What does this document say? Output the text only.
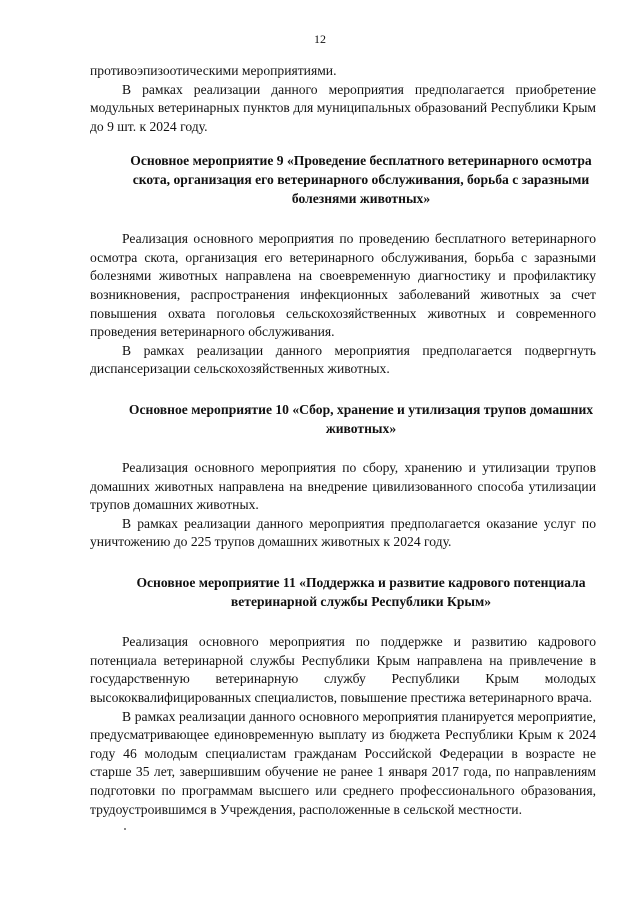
12

противоэпизоотическими мероприятиями.

В рамках реализации данного мероприятия предполагается приобретение модульных ветеринарных пунктов для муниципальных образований Республики Крым до 9 шт. к 2024 году.

Основное мероприятие 9 «Проведение бесплатного ветеринарного осмотра скота, организация его ветеринарного обслуживания, борьба с заразными болезнями животных»

Реализация основного мероприятия по проведению бесплатного ветеринарного осмотра скота, организация его ветеринарного обслуживания, борьба с заразными болезнями животных направлена на своевременную диагностику и профилактику возникновения, распространения инфекционных заболеваний животных за счет повышения охвата поголовья сельскохозяйственных животных и современного проведения ветеринарного обслуживания.

В рамках реализации данного мероприятия предполагается подвергнуть диспансеризации сельскохозяйственных животных.

Основное мероприятие 10 «Сбор, хранение и утилизация трупов домашних животных»

Реализация основного мероприятия по сбору, хранению и утилизации трупов домашних животных направлена на внедрение цивилизованного способа утилизации трупов домашних животных.

В рамках реализации данного мероприятия предполагается оказание услуг по уничтожению до 225 трупов домашних животных к 2024 году.

Основное мероприятие 11 «Поддержка и развитие кадрового потенциала ветеринарной службы Республики Крым»

Реализация основного мероприятия по поддержке и развитию кадрового потенциала ветеринарной службы Республики Крым направлена на привлечение в государственную ветеринарную службу Республики Крым молодых высококвалифицированных специалистов, повышение престижа ветеринарного врача.

В рамках реализации данного основного мероприятия планируется мероприятие, предусматривающее единовременную выплату из бюджета Республики Крым к 2024 году 46 молодым специалистам гражданам Российской Федерации в возрасте не старше 35 лет, завершившим обучение не ранее 1 января 2017 года, по направлениям подготовки по программам высшего или среднего профессионального образования, трудоустроившимся в Учреждения, расположенные в сельской местности.
